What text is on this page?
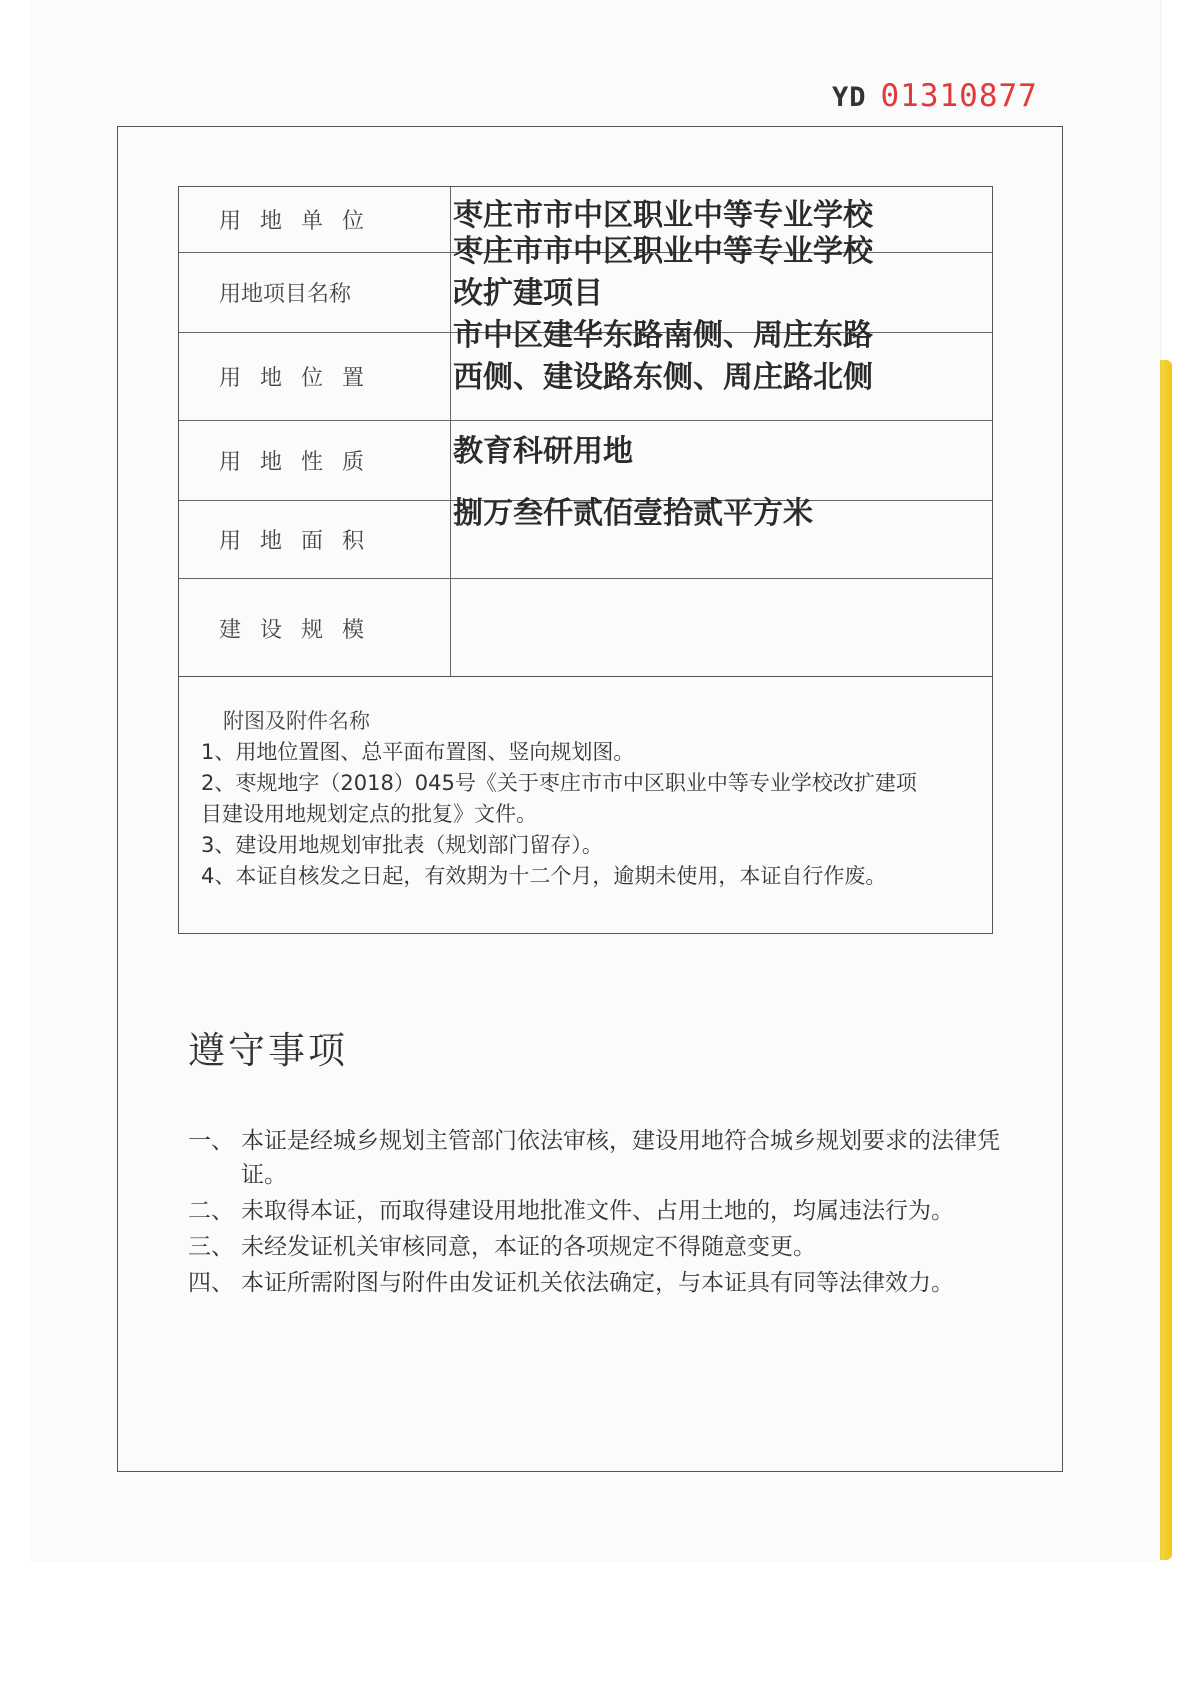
YD 01310877
用地单位	枣庄市市中区职业中等专业学校
用地项目名称
枣庄市市中区职业中等专业学校
改扩建项目
用地位置
市中区建华东路南侧、周庄东路
西侧、建设路东侧、周庄路北侧
用地性质	教育科研用地
用地面积
捌万叁仟贰佰壹拾贰平方米
建设规模
附图及附件名称
1、用地位置图、总平面布置图、竖向规划图。
2、枣规地字（2018）045号《关于枣庄市市中区职业中等专业学校改扩建项
目建设用地规划定点的批复》文件。
3、建设用地规划审批表（规划部门留存）。
4、本证自核发之日起，有效期为十二个月，逾期未使用，本证自行作废。
遵守事项
一、 本证是经城乡规划主管部门依法审核，建设用地符合城乡规划要求的法律凭证。
二、 未取得本证，而取得建设用地批准文件、占用土地的，均属违法行为。
三、 未经发证机关审核同意，本证的各项规定不得随意变更。
四、 本证所需附图与附件由发证机关依法确定，与本证具有同等法律效力。
